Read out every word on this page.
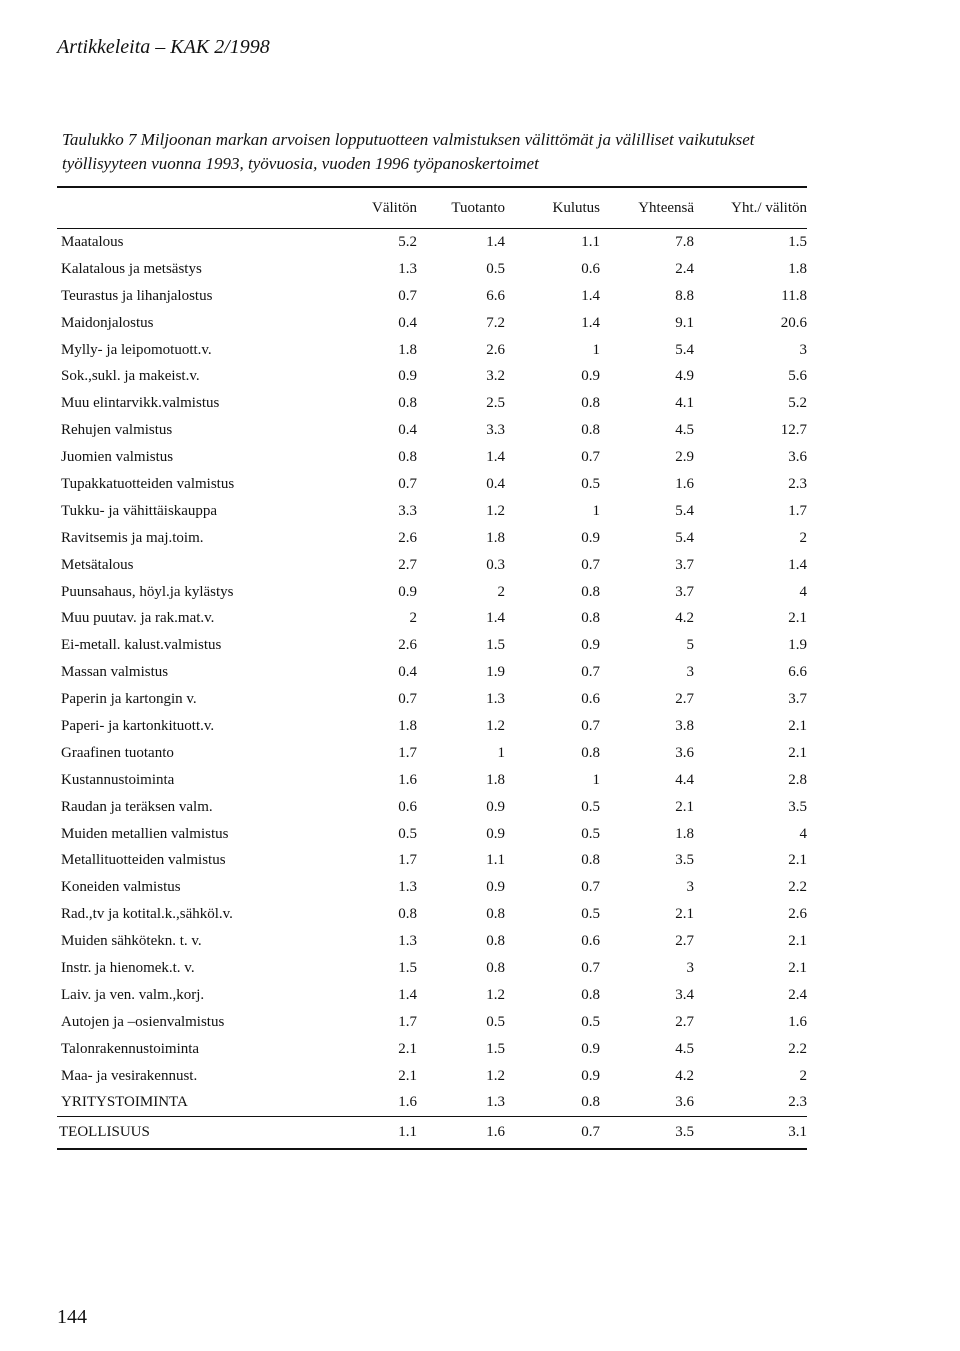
Artikkeleita – KAK 2/1998
Taulukko 7 Miljoonan markan arvoisen lopputuotteen valmistuksen välittömät ja välilliset vaikutukset työllisyyteen vuonna 1993, työvuosia, vuoden 1996 työpanoskertoimet
	Välitön	Tuotanto	Kulutus	Yhteensä	Yht./ välitön
Maatalous	5.2	1.4	1.1	7.8	1.5
Kalatalous ja metsästys	1.3	0.5	0.6	2.4	1.8
Teurastus ja lihanjalostus	0.7	6.6	1.4	8.8	11.8
Maidonjalostus	0.4	7.2	1.4	9.1	20.6
Mylly- ja leipomotuott.v.	1.8	2.6	1	5.4	3
Sok.,sukl. ja makeist.v.	0.9	3.2	0.9	4.9	5.6
Muu elintarvikk.valmistus	0.8	2.5	0.8	4.1	5.2
Rehujen valmistus	0.4	3.3	0.8	4.5	12.7
Juomien valmistus	0.8	1.4	0.7	2.9	3.6
Tupakkatuotteiden valmistus	0.7	0.4	0.5	1.6	2.3
Tukku- ja vähittäiskauppa	3.3	1.2	1	5.4	1.7
Ravitsemis ja maj.toim.	2.6	1.8	0.9	5.4	2
Metsätalous	2.7	0.3	0.7	3.7	1.4
Puunsahaus, höyl.ja kylästys	0.9	2	0.8	3.7	4
Muu puutav. ja rak.mat.v.	2	1.4	0.8	4.2	2.1
Ei-metall. kalust.valmistus	2.6	1.5	0.9	5	1.9
Massan valmistus	0.4	1.9	0.7	3	6.6
Paperin ja kartongin v.	0.7	1.3	0.6	2.7	3.7
Paperi- ja kartonkituott.v.	1.8	1.2	0.7	3.8	2.1
Graafinen tuotanto	1.7	1	0.8	3.6	2.1
Kustannustoiminta	1.6	1.8	1	4.4	2.8
Raudan ja teräksen valm.	0.6	0.9	0.5	2.1	3.5
Muiden metallien valmistus	0.5	0.9	0.5	1.8	4
Metallituotteiden valmistus	1.7	1.1	0.8	3.5	2.1
Koneiden valmistus	1.3	0.9	0.7	3	2.2
Rad.,tv ja kotital.k.,sähköl.v.	0.8	0.8	0.5	2.1	2.6
Muiden sähkötekn. t. v.	1.3	0.8	0.6	2.7	2.1
Instr. ja hienomek.t. v.	1.5	0.8	0.7	3	2.1
Laiv. ja ven. valm.,korj.	1.4	1.2	0.8	3.4	2.4
Autojen ja –osienvalmistus	1.7	0.5	0.5	2.7	1.6
Talonrakennustoiminta	2.1	1.5	0.9	4.5	2.2
Maa- ja vesirakennust.	2.1	1.2	0.9	4.2	2
YRITYSTOIMINTA	1.6	1.3	0.8	3.6	2.3
TEOLLISUUS	1.1	1.6	0.7	3.5	3.1
144
